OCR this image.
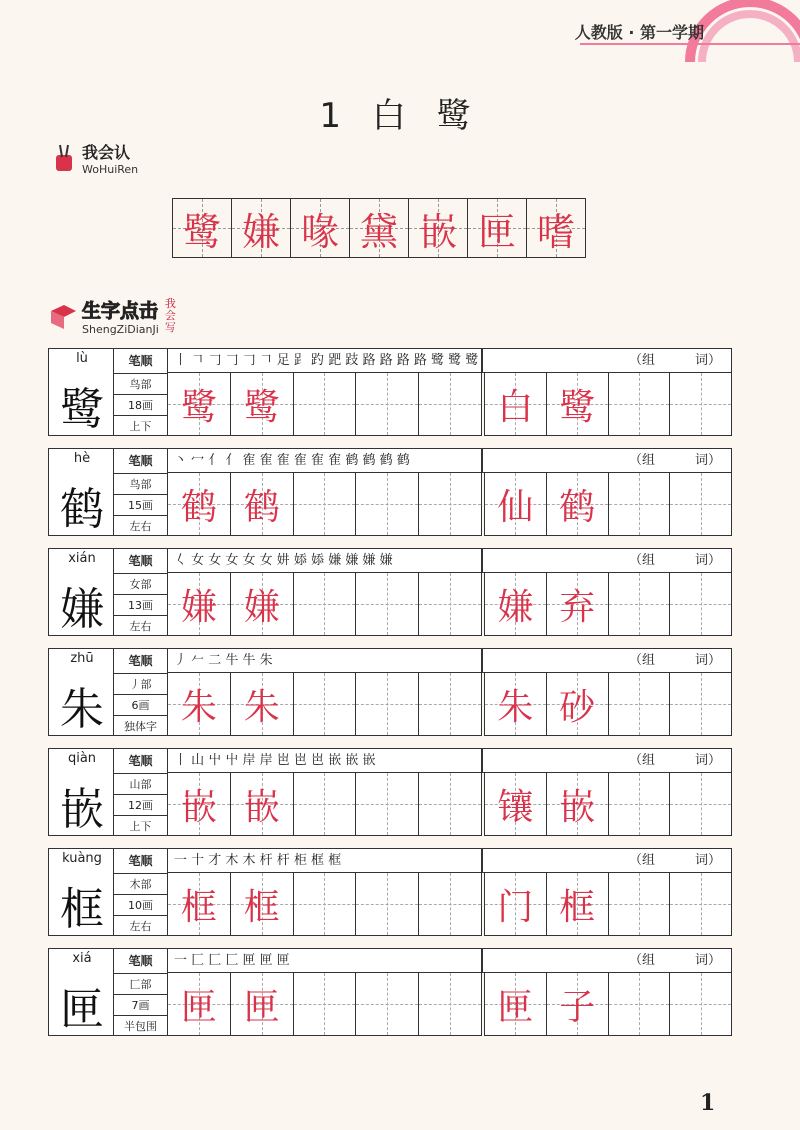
人教版 · 第一学期
1 白 鹭
我会认
WoHuiRen
鹭 嫌 喙 黛 嵌 匣 嗜
生字点击
ShengZiDianJi
我会写
lù
鹭
笔顺
鸟部
18画
上下
丨 𠃍 𠃌 𠃌 𠃌 𠃍 足 𧾷 趵 跁 跂 路 路 路 路 鹭 鹭 鹭	（组	词）
鹭 鹭	白 鹭
hè
鹤
笔顺
鸟部
15画
左右
丶 冖 亻 亻 隺 隺 隺 隺 隺 隺 鹤 鹤 鹤 鹤	（组	词）
鹤 鹤	仙 鹤
xián
嫌
笔顺
女部
13画
左右
𡿨 女 女 女 女 女 妌 婖 婖 嫌 嫌 嫌 嫌	（组	词）
嫌 嫌	嫌 弃
zhū
朱
笔顺
丿部
6画
独体字
丿 𠂉 二 牛 牛 朱	（组	词）
朱 朱	朱 砂
qiàn
嵌
笔顺
山部
12画
上下
丨 山 屮 屮 岸 岸 岜 岜 岜 嵌 嵌 嵌	（组	词）
嵌 嵌	镶 嵌
kuàng
框
笔顺
木部
10画
左右
一 十 才 木 木 杆 杆 柜 框 框	（组	词）
框 框	门 框
xiá
匣
笔顺
匚部
7画
半包围
一 匚 匚 匚 匣 匣 匣	（组	词）
匣 匣	匣 子
1
